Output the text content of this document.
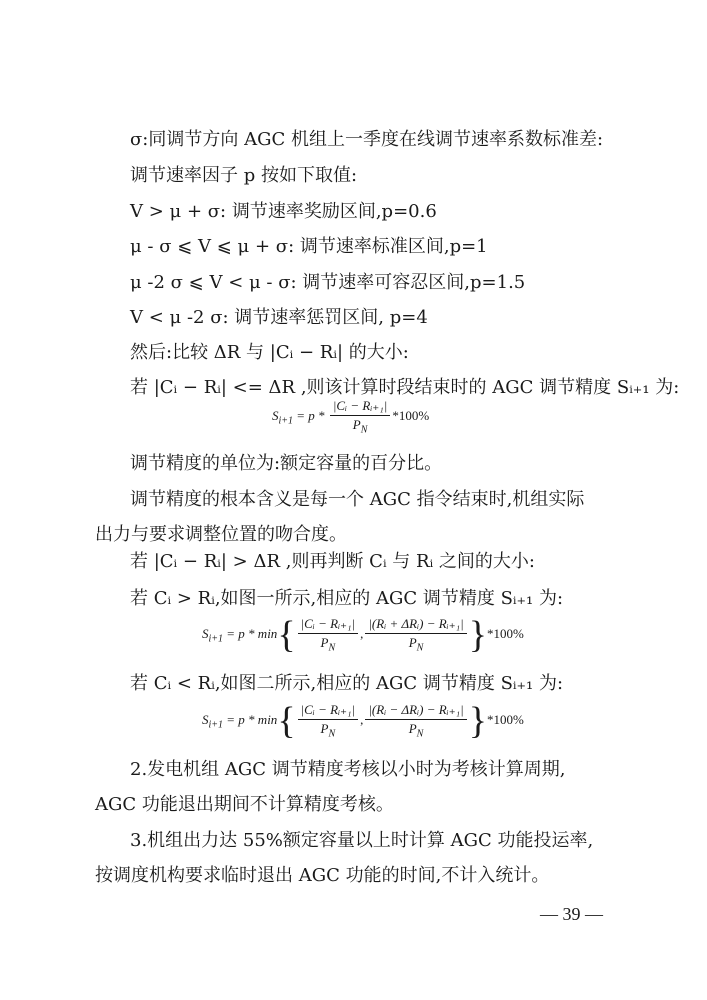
σ:同调节方向 AGC 机组上一季度在线调节速率系数标准差:
调节速率因子 p 按如下取值:
V > μ + σ: 调节速率奖励区间,p=0.6
μ - σ ⩽ V ⩽ μ + σ: 调节速率标准区间,p=1
μ -2 σ ⩽ V < μ - σ: 调节速率可容忍区间,p=1.5
V < μ -2 σ: 调节速率惩罚区间, p=4
然后:比较 ΔR 与 |Cᵢ − Rᵢ| 的大小:
若 |Cᵢ − Rᵢ| <= ΔR ,则该计算时段结束时的 AGC 调节精度 Sᵢ₊₁ 为:
$S_{i+1} = p * \frac{\text{|Cᵢ − Rᵢ₊₁|}}{P_N} *100\%$
调节精度的单位为:额定容量的百分比。
调节精度的根本含义是每一个 AGC 指令结束时,机组实际
出力与要求调整位置的吻合度。
若 |Cᵢ − Rᵢ| > ΔR ,则再判断 Cᵢ 与 Rᵢ 之间的大小:
若 Cᵢ > Rᵢ,如图一所示,相应的 AGC 调节精度 Sᵢ₊₁ 为:
$S_{i+1} = p * \min\{ \frac{\text{|Cᵢ − Rᵢ₊₁|}}{P_N}$ , $\frac{\text{|(Rᵢ + ΔRᵢ) − Rᵢ₊₁|}}{P_N} \}*100\%$
若 Cᵢ < Rᵢ,如图二所示,相应的 AGC 调节精度 Sᵢ₊₁ 为:
$S_{i+1} = p * \min\{ \frac{\text{|Cᵢ − Rᵢ₊₁|}}{P_N}$ , $\frac{\text{|(Rᵢ − ΔRᵢ) − Rᵢ₊₁|}}{P_N} \}*100\%$
2.发电机组 AGC 调节精度考核以小时为考核计算周期,
AGC 功能退出期间不计算精度考核。
3.机组出力达 55%额定容量以上时计算 AGC 功能投运率,
按调度机构要求临时退出 AGC 功能的时间,不计入统计。
— 39 —
